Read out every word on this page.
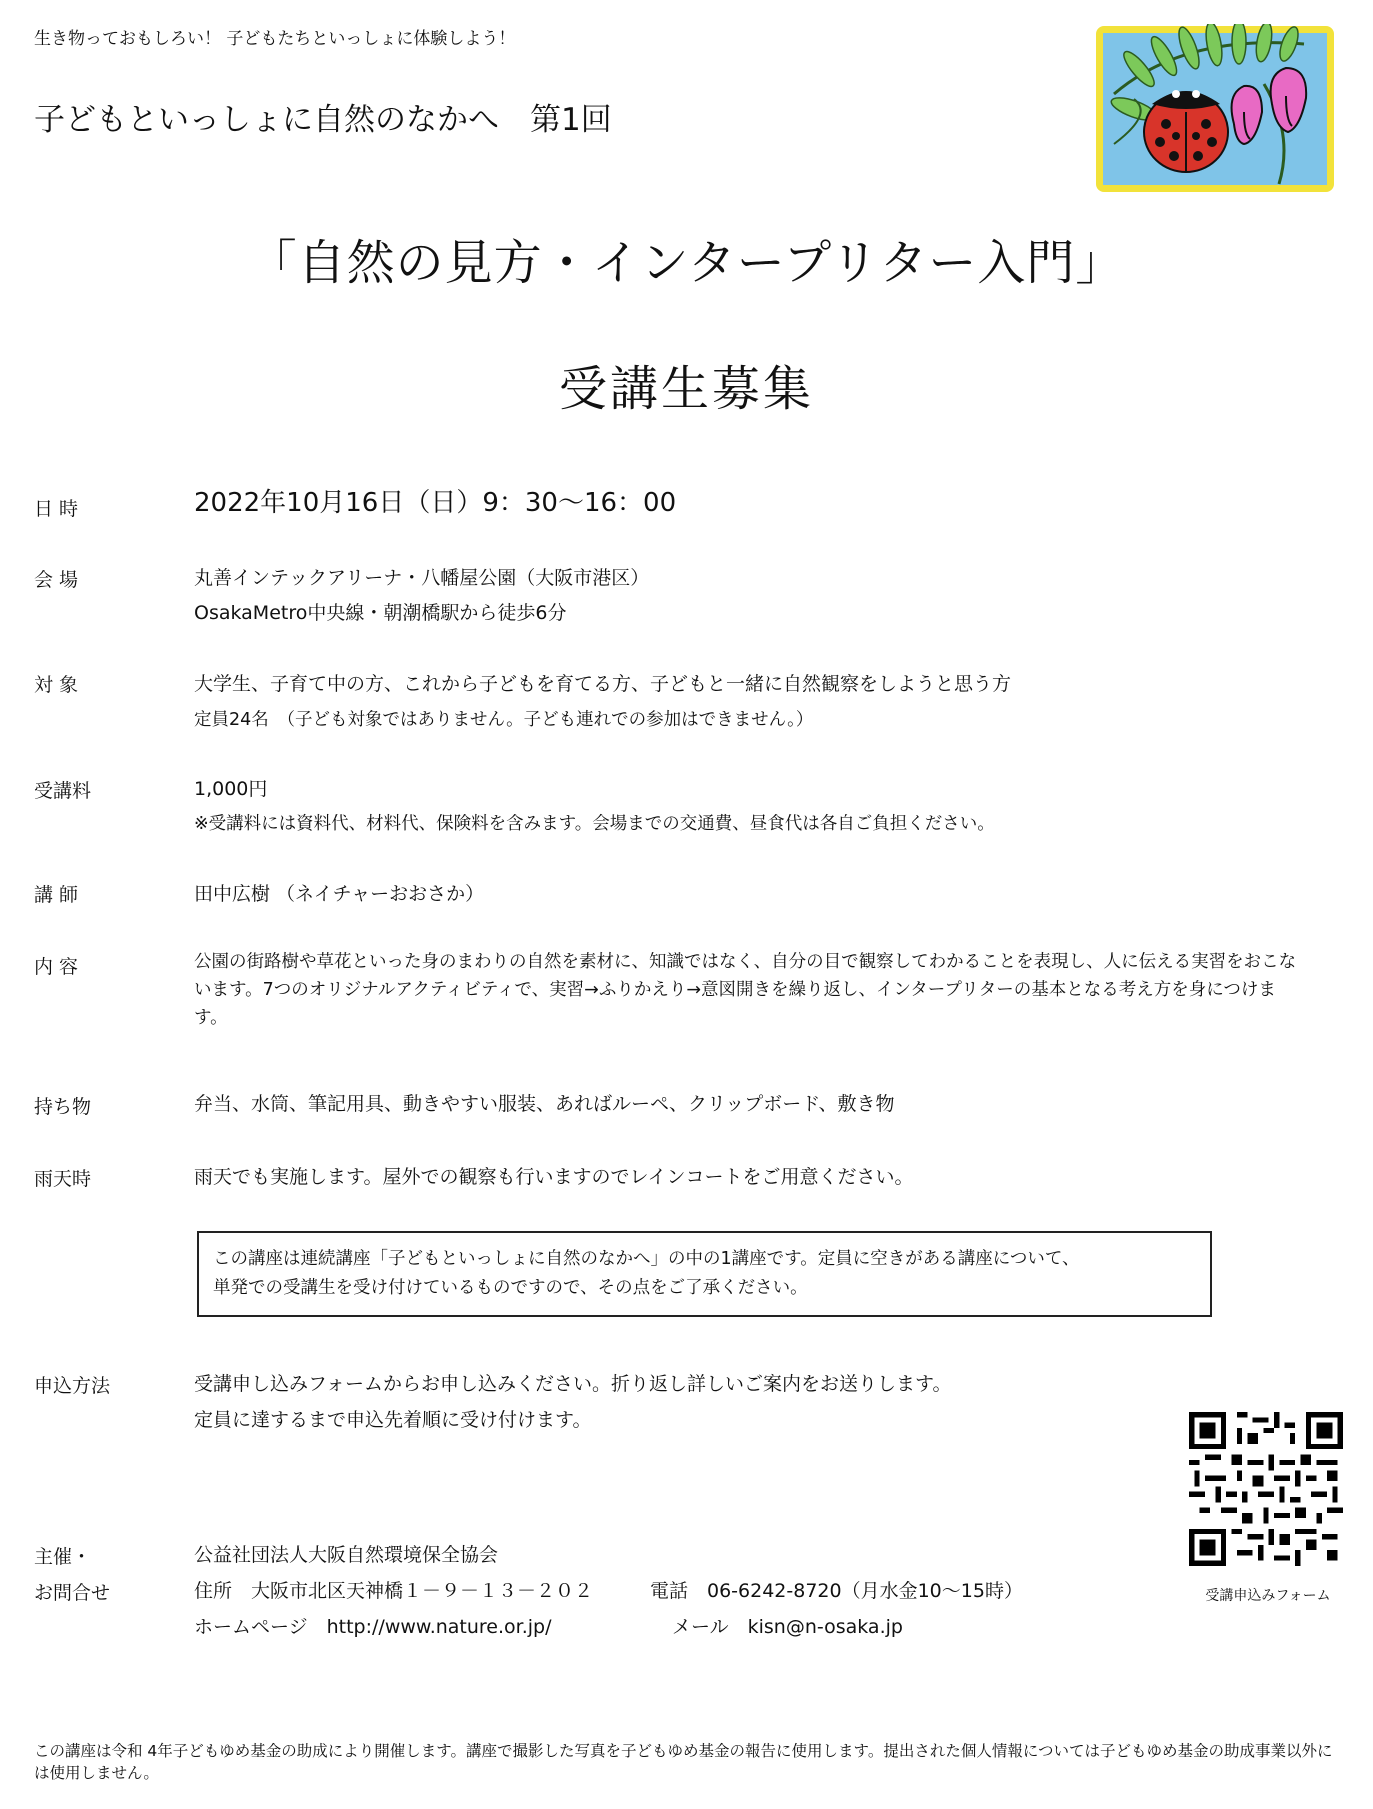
生き物っておもしろい！ 子どもたちといっしょに体験しよう！
子どもといっしょに自然のなかへ　第1回
「自然の見方・インタープリター入門」
受講生募集
日 時	2022年10月16日（日）9：30～16：00
会 場	丸善インテックアリーナ・八幡屋公園（大阪市港区）
OsakaMetro中央線・朝潮橋駅から徒歩6分
対 象	大学生、子育て中の方、これから子どもを育てる方、子どもと一緒に自然観察をしようと思う方
定員24名　（子ども対象ではありません。子ども連れでの参加はできません。）
受講料	1,000円
※受講料には資料代、材料代、保険料を含みます。会場までの交通費、昼食代は各自ご負担ください。
講 師	田中広樹 （ネイチャーおおさか）
内 容	公園の街路樹や草花といった身のまわりの自然を素材に、知識ではなく、自分の目で観察してわかることを表現し、人に伝える実習をおこないます。7つのオリジナルアクティビティで、実習→ふりかえり→意図開きを繰り返し、インタープリターの基本となる考え方を身につけます。
持ち物	弁当、水筒、筆記用具、動きやすい服装、あればルーペ、クリップボード、敷き物
雨天時	雨天でも実施します。屋外での観察も行いますのでレインコートをご用意ください。
この講座は連続講座「子どもといっしょに自然のなかへ」の中の1講座です。定員に空きがある講座について、
単発での受講生を受け付けているものですので、その点をご了承ください。
申込方法	受講申し込みフォームからお申し込みください。折り返し詳しいご案内をお送りします。
定員に達するまで申込先着順に受け付けます。
受講申込みフォーム
主催・
お問合せ
公益社団法人大阪自然環境保全協会
住所　大阪市北区天神橋１－９－１３－２０２	電話　06-6242-8720（月水金10～15時）
ホームページ　http://www.nature.or.jp/	メール　kisn@n-osaka.jp
この講座は令和 4年子どもゆめ基金の助成により開催します。講座で撮影した写真を子どもゆめ基金の報告に使用します。提出された個人情報については子どもゆめ基金の助成事業以外には使用しません。
